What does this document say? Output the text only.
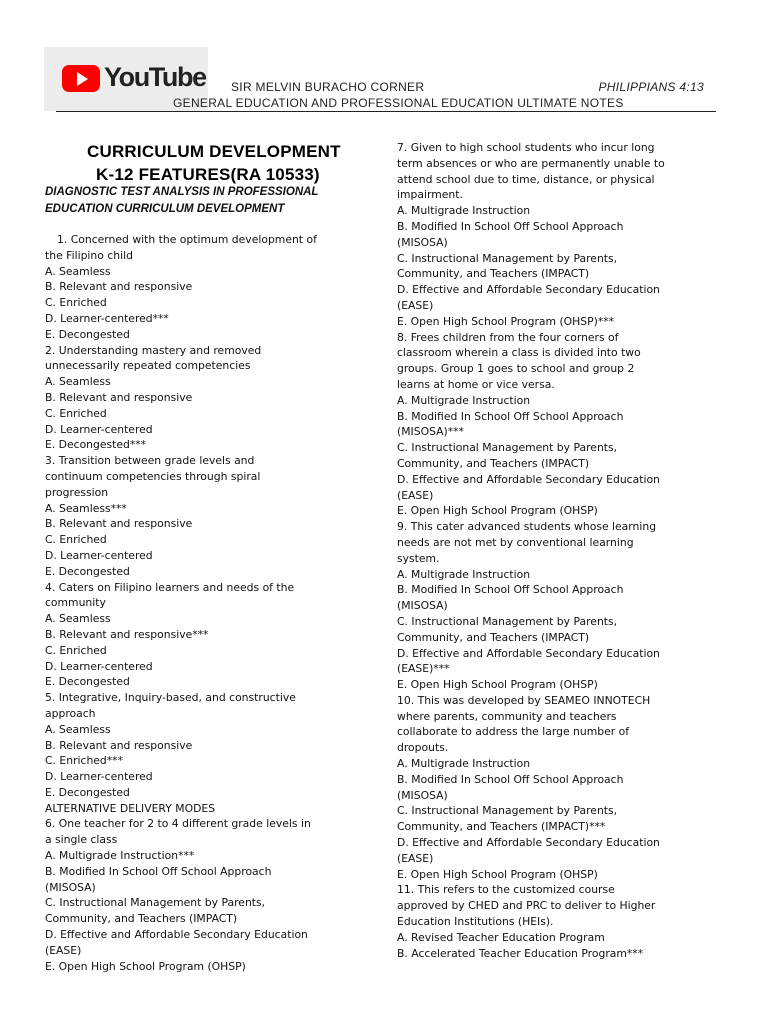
YouTube SIR MELVIN BURACHO CORNER	PHILIPPIANS 4:13
GENERAL EDUCATION AND PROFESSIONAL EDUCATION ULTIMATE NOTES
CURRICULUM DEVELOPMENT
K-12 FEATURES(RA 10533)
DIAGNOSTIC TEST ANALYSIS IN PROFESSIONAL
EDUCATION CURRICULUM DEVELOPMENT
1. Concerned with the optimum development of
the Filipino child
A. Seamless
B. Relevant and responsive
C. Enriched
D. Learner-centered***
E. Decongested
2. Understanding mastery and removed
unnecessarily repeated competencies
A. Seamless
B. Relevant and responsive
C. Enriched
D. Learner-centered
E. Decongested***
3. Transition between grade levels and
continuum competencies through spiral
progression
A. Seamless***
B. Relevant and responsive
C. Enriched
D. Learner-centered
E. Decongested
4. Caters on Filipino learners and needs of the
community
A. Seamless
B. Relevant and responsive***
C. Enriched
D. Learner-centered
E. Decongested
5. Integrative, Inquiry-based, and constructive
approach
A. Seamless
B. Relevant and responsive
C. Enriched***
D. Learner-centered
E. Decongested
ALTERNATIVE DELIVERY MODES
6. One teacher for 2 to 4 different grade levels in
a single class
A. Multigrade Instruction***
B. Modified In School Off School Approach
(MISOSA)
C. Instructional Management by Parents,
Community, and Teachers (IMPACT)
D. Effective and Affordable Secondary Education
(EASE)
E. Open High School Program (OHSP)
7. Given to high school students who incur long
term absences or who are permanently unable to
attend school due to time, distance, or physical
impairment.
A. Multigrade Instruction
B. Modified In School Off School Approach
(MISOSA)
C. Instructional Management by Parents,
Community, and Teachers (IMPACT)
D. Effective and Affordable Secondary Education
(EASE)
E. Open High School Program (OHSP)***
8. Frees children from the four corners of
classroom wherein a class is divided into two
groups. Group 1 goes to school and group 2
learns at home or vice versa.
A. Multigrade Instruction
B. Modified In School Off School Approach
(MISOSA)***
C. Instructional Management by Parents,
Community, and Teachers (IMPACT)
D. Effective and Affordable Secondary Education
(EASE)
E. Open High School Program (OHSP)
9. This cater advanced students whose learning
needs are not met by conventional learning
system.
A. Multigrade Instruction
B. Modified In School Off School Approach
(MISOSA)
C. Instructional Management by Parents,
Community, and Teachers (IMPACT)
D. Effective and Affordable Secondary Education
(EASE)***
E. Open High School Program (OHSP)
10. This was developed by SEAMEO INNOTECH
where parents, community and teachers
collaborate to address the large number of
dropouts.
A. Multigrade Instruction
B. Modified In School Off School Approach
(MISOSA)
C. Instructional Management by Parents,
Community, and Teachers (IMPACT)***
D. Effective and Affordable Secondary Education
(EASE)
E. Open High School Program (OHSP)
11. This refers to the customized course
approved by CHED and PRC to deliver to Higher
Education Institutions (HEIs).
A. Revised Teacher Education Program
B. Accelerated Teacher Education Program***
